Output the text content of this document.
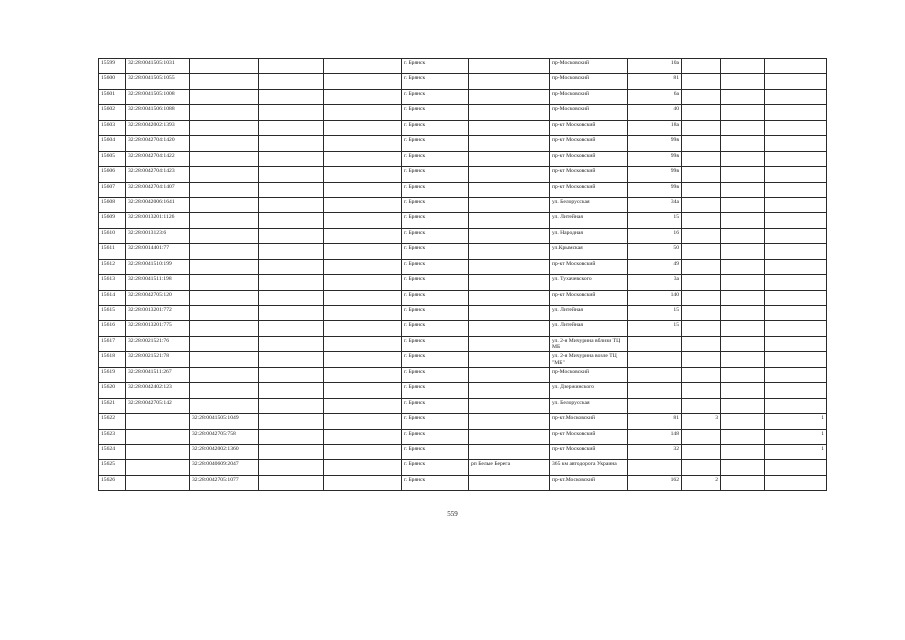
15599	32:28:0041505:1031				г. Брянск		пр-Московский	10а			
15600	32:28:0041505:1055				г. Брянск		пр-Московский	81			
15601	32:28:0041505:1008				г. Брянск		пр-Московский	6а			
15602	32:28:0041506:1088				г. Брянск		пр-Московский	40			
15603	32:28:0042002:1393				г. Брянск		пр-кт Московский	18а			
15604	32:28:0042704:1420				г. Брянск		пр-кт Московский	99в			
15605	32:28:0042704:1422				г. Брянск		пр-кт Московский	99в			
15606	32:28:0042704:1423				г. Брянск		пр-кт Московский	99в			
15607	32:28:0042704:1407				г. Брянск		пр-кт Московский	99в			
15608	32:28:0042006:1641				г. Брянск		ул. Белорусская	34а			
15609	32:28:0013201:1126				г. Брянск		ул. Литейная	15			
15610	32:28:0013123:6				г. Брянск		ул. Народная	16			
15611	32:28:0014401:77				г. Брянск		ул.Крымская	50			
15612	32:28:0041510:199				г. Брянск		пр-кт Московский	49			
15613	32:28:0041511:198				г. Брянск		ул. Тухачевского	3а			
15614	32:28:0042705:120				г. Брянск		пр-кт Московский	140			
15615	32:28:0013201:772				г. Брянск		ул. Литейная	15			
15616	32:28:0013201:775				г. Брянск		ул. Литейная	15			
15617	32:28:0021521:76				г. Брянск		ул. 2-я Мичурина вблизи ТЦ МБ				
15618	32:28:0021521:78				г. Брянск		ул. 2-я Мичурина возле ТЦ "МБ"				
15619	32:28:0041511:267				г. Брянск		пр-Московский				
15620	32:28:0042402:123				г. Брянск		ул. Дзержинского				
15621	32:28:0042705:142				г. Брянск		ул. Белорусская				
15622		32:28:0041505:1049			г. Брянск		пр-кт.Московский	81	3		1
15623		32:28:0042705:758			г. Брянск		пр-кт Московский	148			1
15624		32:28:0042002:1360			г. Брянск		пр-кт Московский	32			1
15625		32:28:0040609:2047			г. Брянск	рп Белые Берега	365 км автодорога Украина				
15626		32:28:0042705:1077			г. Брянск		пр-кт.Московский	162	2		
559
